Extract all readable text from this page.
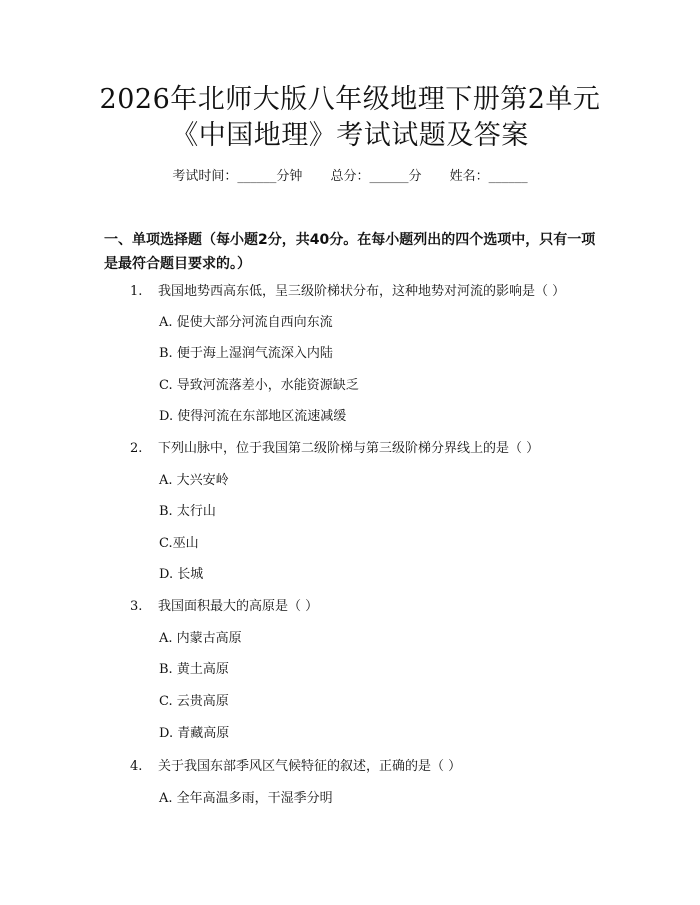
2026年北师大版八年级地理下册第2单元
《中国地理》考试试题及答案
考试时间：______分钟 总分：______分 姓名：______
一、单项选择题（每小题2分，共40分。在每小题列出的四个选项中，只有一项是最符合题目要求的。）
1. 我国地势西高东低，呈三级阶梯状分布，这种地势对河流的影响是（ ）
A. 促使大部分河流自西向东流
B. 便于海上湿润气流深入内陆
C. 导致河流落差小，水能资源缺乏
D. 使得河流在东部地区流速减缓
2. 下列山脉中，位于我国第二级阶梯与第三级阶梯分界线上的是（ ）
A. 大兴安岭
B. 太行山
C.巫山
D. 长城
3. 我国面积最大的高原是（ ）
A. 内蒙古高原
B. 黄土高原
C. 云贵高原
D. 青藏高原
4. 关于我国东部季风区气候特征的叙述，正确的是（ ）
A. 全年高温多雨，干湿季分明
